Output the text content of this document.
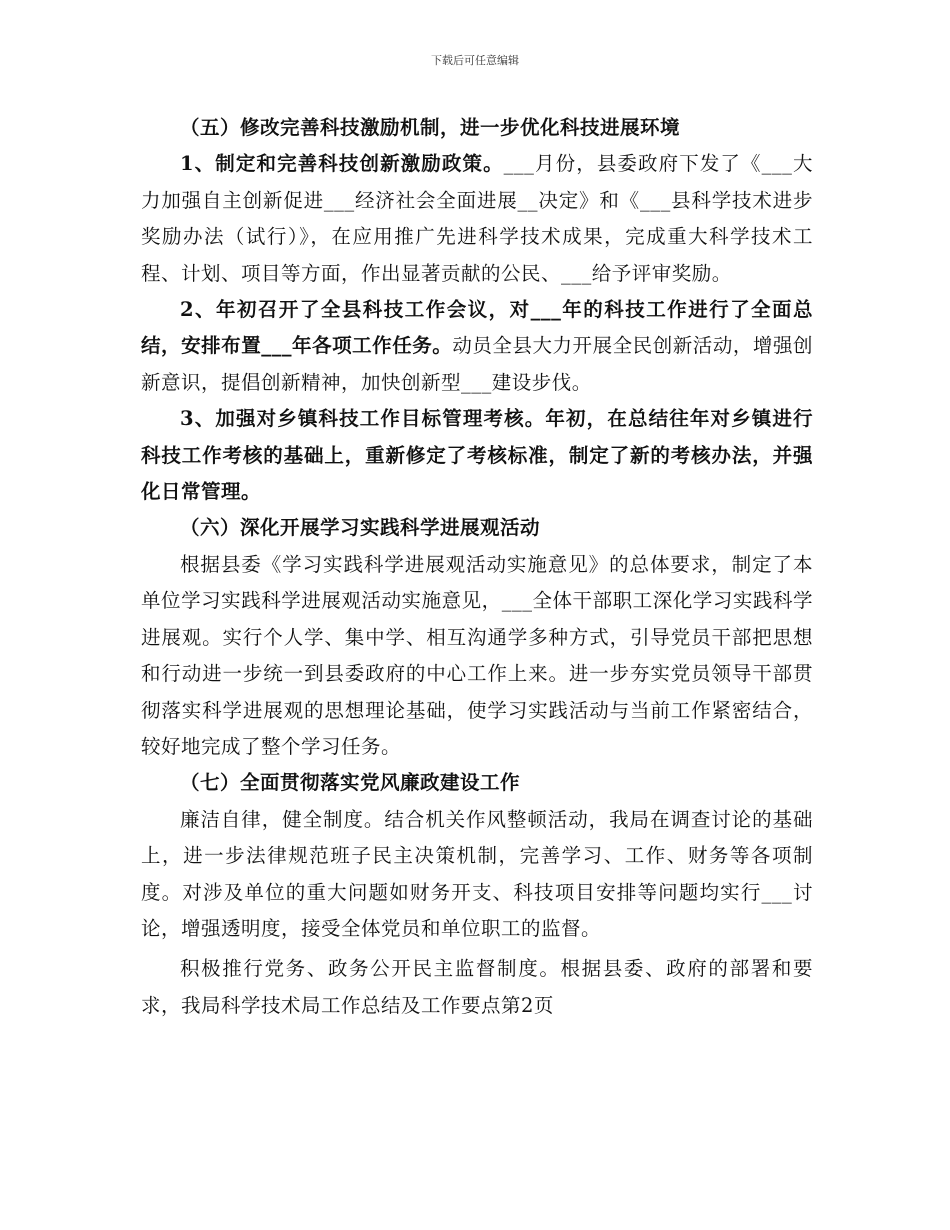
下载后可任意编辑

（五）修改完善科技激励机制，进一步优化科技进展环境

1、制定和完善科技创新激励政策。___月份，县委政府下发了《___大力加强自主创新促进___经济社会全面进展__决定》和《___县科学技术进步奖励办法（试行）》，在应用推广先进科学技术成果，完成重大科学技术工程、计划、项目等方面，作出显著贡献的公民、___给予评审奖励。

2、年初召开了全县科技工作会议，对___年的科技工作进行了全面总结，安排布置___年各项工作任务。动员全县大力开展全民创新活动，增强创新意识，提倡创新精神，加快创新型___建设步伐。

3、加强对乡镇科技工作目标管理考核。年初，在总结往年对乡镇进行科技工作考核的基础上，重新修定了考核标准，制定了新的考核办法，并强化日常管理。

（六）深化开展学习实践科学进展观活动

根据县委《学习实践科学进展观活动实施意见》的总体要求，制定了本单位学习实践科学进展观活动实施意见，___全体干部职工深化学习实践科学进展观。实行个人学、集中学、相互沟通学多种方式，引导党员干部把思想和行动进一步统一到县委政府的中心工作上来。进一步夯实党员领导干部贯彻落实科学进展观的思想理论基础，使学习实践活动与当前工作紧密结合，较好地完成了整个学习任务。

（七）全面贯彻落实党风廉政建设工作

廉洁自律，健全制度。结合机关作风整顿活动，我局在调查讨论的基础上，进一步法律规范班子民主决策机制，完善学习、工作、财务等各项制度。对涉及单位的重大问题如财务开支、科技项目安排等问题均实行___讨论，增强透明度，接受全体党员和单位职工的监督。

积极推行党务、政务公开民主监督制度。根据县委、政府的部署和要求，我局科学技术局工作总结及工作要点第2页
